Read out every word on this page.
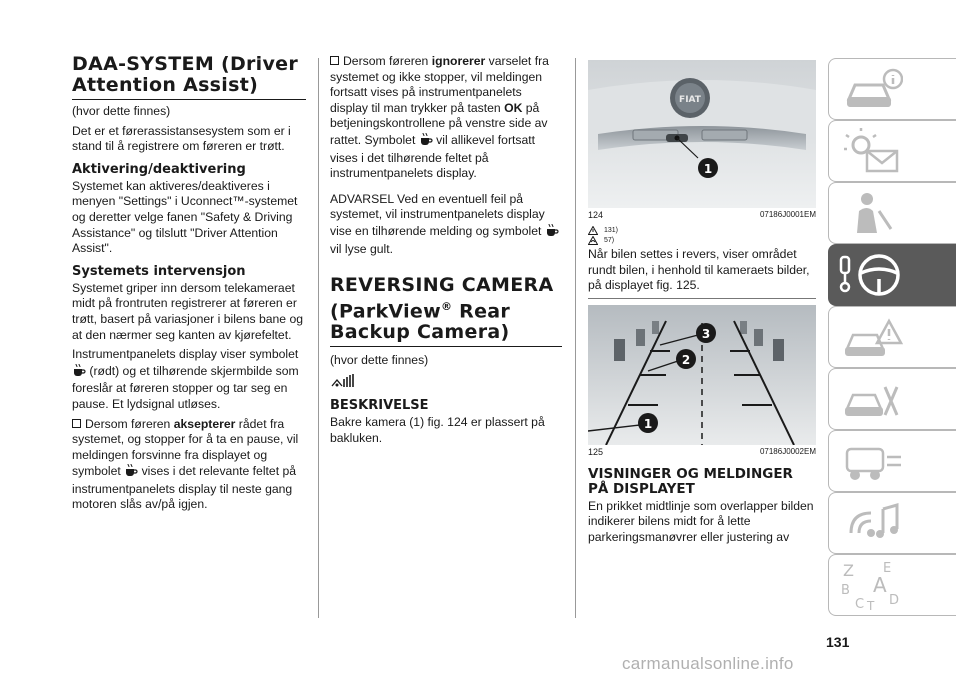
DAA-SYSTEM (Driver Attention Assist)

(hvor dette finnes)

Det er et førerassistansesystem som er i stand til å registrere om føreren er trøtt.

Aktivering/deaktivering

Systemet kan aktiveres/deaktiveres i menyen "Settings" i Uconnect™-systemet og deretter velge fanen "Safety & Driving Assistance" og tilslutt "Driver Attention Assist".

Systemets intervensjon

Systemet griper inn dersom telekameraet midt på frontruten registrerer at føreren er trøtt, basert på variasjoner i bilens bane og at den nærmer seg kanten av kjørefeltet.

Instrumentpanelets display viser symbolet  (rødt) og et tilhørende skjermbilde som foreslår at føreren stopper og tar seg en pause. Et lydsignal utløses.

Dersom føreren aksepterer rådet fra systemet, og stopper for å ta en pause, vil meldingen forsvinne fra displayet og symbolet vises i det relevante feltet på instrumentpanelets display til neste gang motoren slås av/på igjen.

Dersom føreren ignorerer varselet fra systemet og ikke stopper, vil meldingen fortsatt vises på instrumentpanelets display til man trykker på tasten OK på betjeningskontrollene på venstre side av rattet. Symbolet vil allikevel fortsatt vises i det tilhørende feltet på instrumentpanelets display.

ADVARSEL Ved en eventuell feil på systemet, vil instrumentpanelets display vise en tilhørende melding og symbolet  vil lyse gult.

REVERSING CAMERA (ParkView® Rear Backup Camera)

(hvor dette finnes)

BESKRIVELSE

Bakre kamera (1) fig. 124 er plassert på bakluken.

FIAT
1
124	07186J0001EM
131)
57)

Når bilen settes i revers, viser området rundt bilen, i henhold til kameraets bilder, på displayet fig. 125.

1
2
3
125	07186J0002EM
VISNINGER OG MELDINGER PÅ DISPLAYET

En prikket midtlinje som overlapper bilden indikerer bilens midt for å lette parkeringsmanøvrer eller justering av

Z E
B A
C T D
131
carmanualsonline.info
